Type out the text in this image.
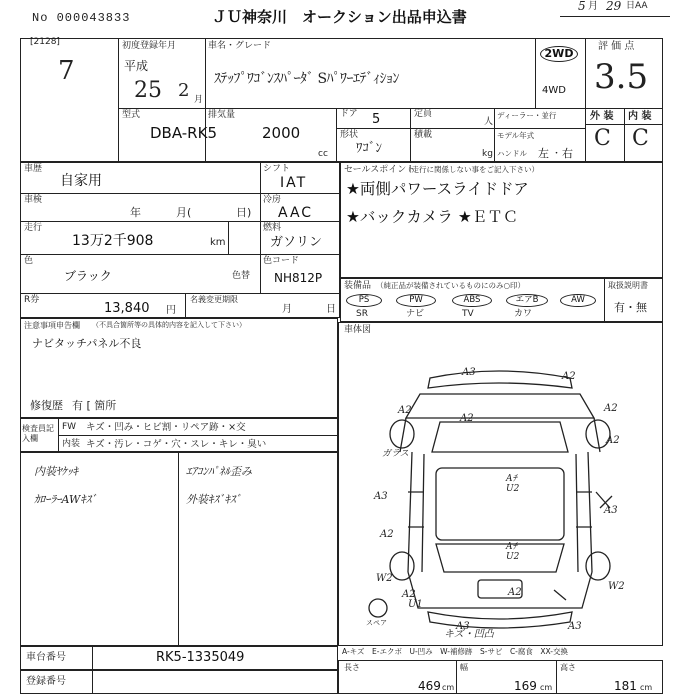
No 000043833	ＪＵ神奈川　オークション出品申込書
5 月 29 日AA
[2128]
7
初度登録年月
平成
25 2 月
車名・グレード
ｽﾃｯﾌﾟﾜｺﾞﾝｽﾊﾟｰﾀﾞ Sﾊﾟﾜｰｴﾃﾞｨｼｮﾝ
2WD
4WD
評 価 点
3.5
型式
DBA-RK5
排気量
2000
cc
ドア 5	定員
人
形状
ﾜｺﾞﾝ
積載
kg
ディーラー・並行
モデル年式
ハンドル 左 ・ 右
外 装 内 装
C C
車歴
自家用
車検
年	月(	日)
走行
13万2千908	km
色
ブラック	色替
色コード
NH812P
シフト
IAT
冷房
AAC
燃料
ガソリン
R券
13,840 円
名義変更期限
月	日
セールスポイント
（走行に関係しない事をご記入下さい）
★両側パワースライドドア
★バックカメラ ★ＥＴＣ
装備品 （純正品が装備されているものにのみ○印）	取扱説明書
有・無
PS	PW	ABS	エアB	AW
SR	ナビ	TV	カワ
注意事項申告欄 （不具合箇所等の具体的内容を記入して下さい）
ナビタッチパネル不良
修復歴 有 [ 箇所
検査員記入欄
FW キズ・凹み・ヒビ割・リペア跡・×交
内装 キズ・汚レ・コゲ・穴・スレ・キレ・臭い
内装ﾔｹｯｷ	ｴｱｺﾝﾊﾟﾈﾙ歪み
ｶﾛｰﾗｰAWｷｽﾞ	外装ｷｽﾞｷｽﾞ
車体図
A3	A2
A2	A2
A2
A2
A3
A3
W2
W2
A2	A2
A3	A3
A2
U1
ガラス
Aﾁ U2
Aﾁ U2
スペア
キズ・凹凸
A-キズ　E-エクボ　U-凹み　W-補修跡　S-サビ　C-腐食　XX-交換
車台番号	RK5-1335049
登録番号
長さ
469 cm
幅
169 cm
高さ
181 cm
